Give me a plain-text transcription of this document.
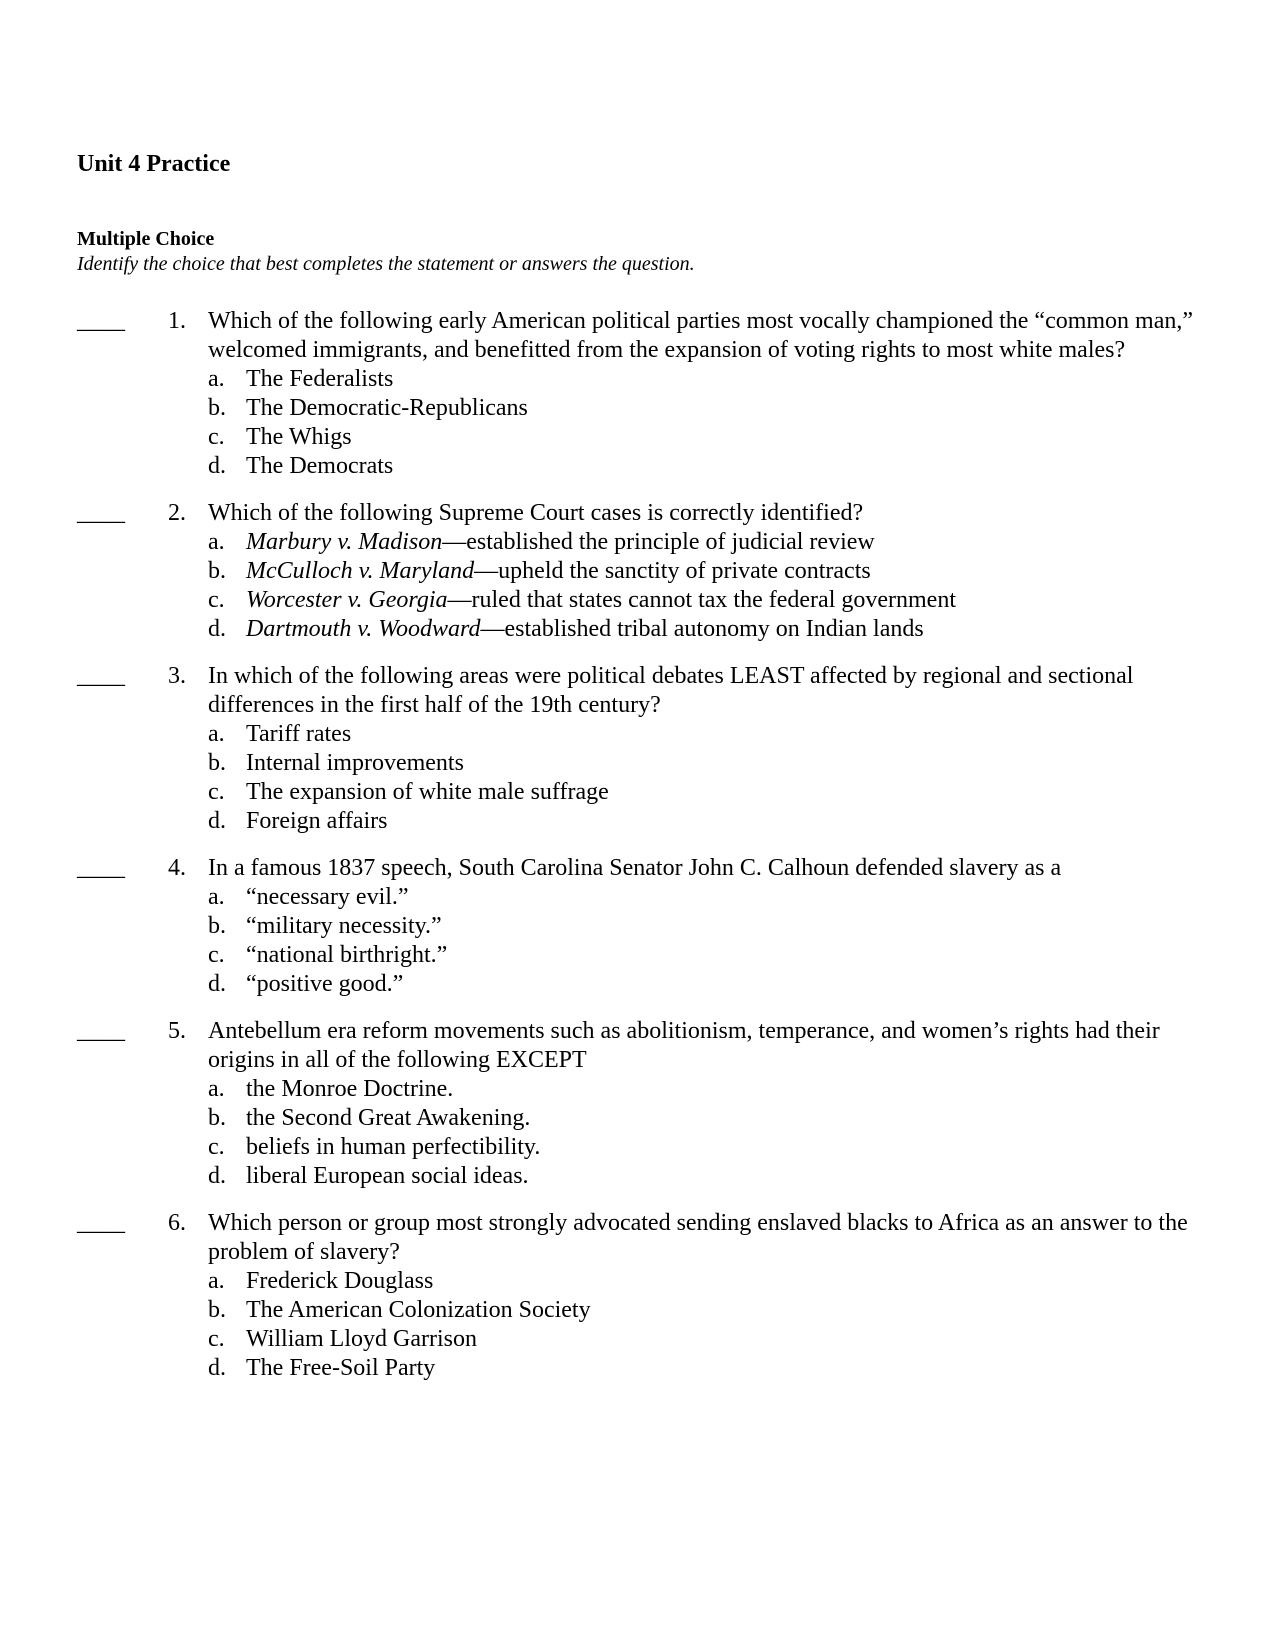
Unit 4 Practice
Multiple Choice
Identify the choice that best completes the statement or answers the question.
____ 1. Which of the following early American political parties most vocally championed the “common man,” welcomed immigrants, and benefitted from the expansion of voting rights to most white males?
a. The Federalists
b. The Democratic-Republicans
c. The Whigs
d. The Democrats
____ 2. Which of the following Supreme Court cases is correctly identified?
a. Marbury v. Madison—established the principle of judicial review
b. McCulloch v. Maryland—upheld the sanctity of private contracts
c. Worcester v. Georgia—ruled that states cannot tax the federal government
d. Dartmouth v. Woodward—established tribal autonomy on Indian lands
____ 3. In which of the following areas were political debates LEAST affected by regional and sectional differences in the first half of the 19th century?
a. Tariff rates
b. Internal improvements
c. The expansion of white male suffrage
d. Foreign affairs
____ 4. In a famous 1837 speech, South Carolina Senator John C. Calhoun defended slavery as a
a. “necessary evil.”
b. “military necessity.”
c. “national birthright.”
d. “positive good.”
____ 5. Antebellum era reform movements such as abolitionism, temperance, and women’s rights had their origins in all of the following EXCEPT
a. the Monroe Doctrine.
b. the Second Great Awakening.
c. beliefs in human perfectibility.
d. liberal European social ideas.
____ 6. Which person or group most strongly advocated sending enslaved blacks to Africa as an answer to the problem of slavery?
a. Frederick Douglass
b. The American Colonization Society
c. William Lloyd Garrison
d. The Free-Soil Party
